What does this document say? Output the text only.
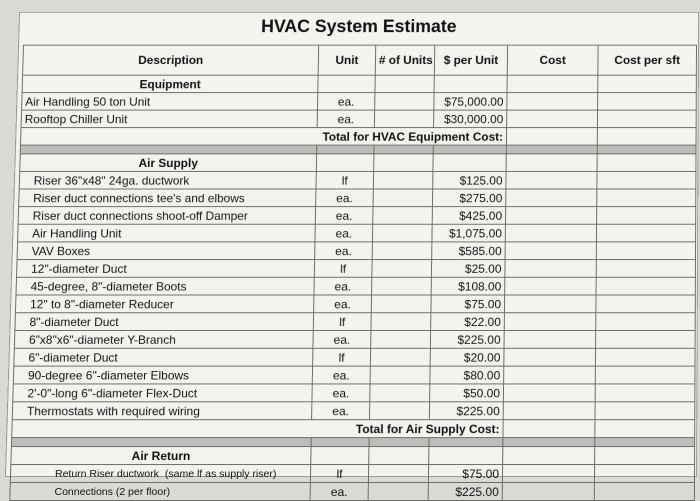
HVAC System Estimate
Description	Unit	# of Units	$ per Unit	Cost	Cost per sft
Equipment					
Air Handling 50 ton Unit	ea.		$75,000.00		
Rooftop Chiller Unit	ea.		$30,000.00		
Total for HVAC Equipment Cost:					

Air Supply					
Riser 36"x48" 24ga. ductwork	lf		$125.00		
Riser duct connections tee's and elbows	ea.		$275.00		
Riser duct connections shoot-off Damper	ea.		$425.00		
Air Handling Unit	ea.		$1,075.00		
VAV Boxes	ea.		$585.00		
12"-diameter Duct	lf		$25.00		
45-degree, 8"-diameter Boots	ea.		$108.00		
12" to 8"-diameter Reducer	ea.		$75.00		
8"-diameter Duct	lf		$22.00		
6"x8"x6"-diameter Y-Branch	ea.		$225.00		
6"-diameter Duct	lf		$20.00		
90-degree 6"-diameter Elbows	ea.		$80.00		
2'-0"-long 6"-diameter Flex-Duct	ea.		$50.00		
Thermostats with required wiring	ea.		$225.00		
Total for Air Supply Cost:					

Air Return					
Return Riser ductwork (same lf as supply riser)	lf		$75.00		
Connections (2 per floor)	ea.		$225.00		
